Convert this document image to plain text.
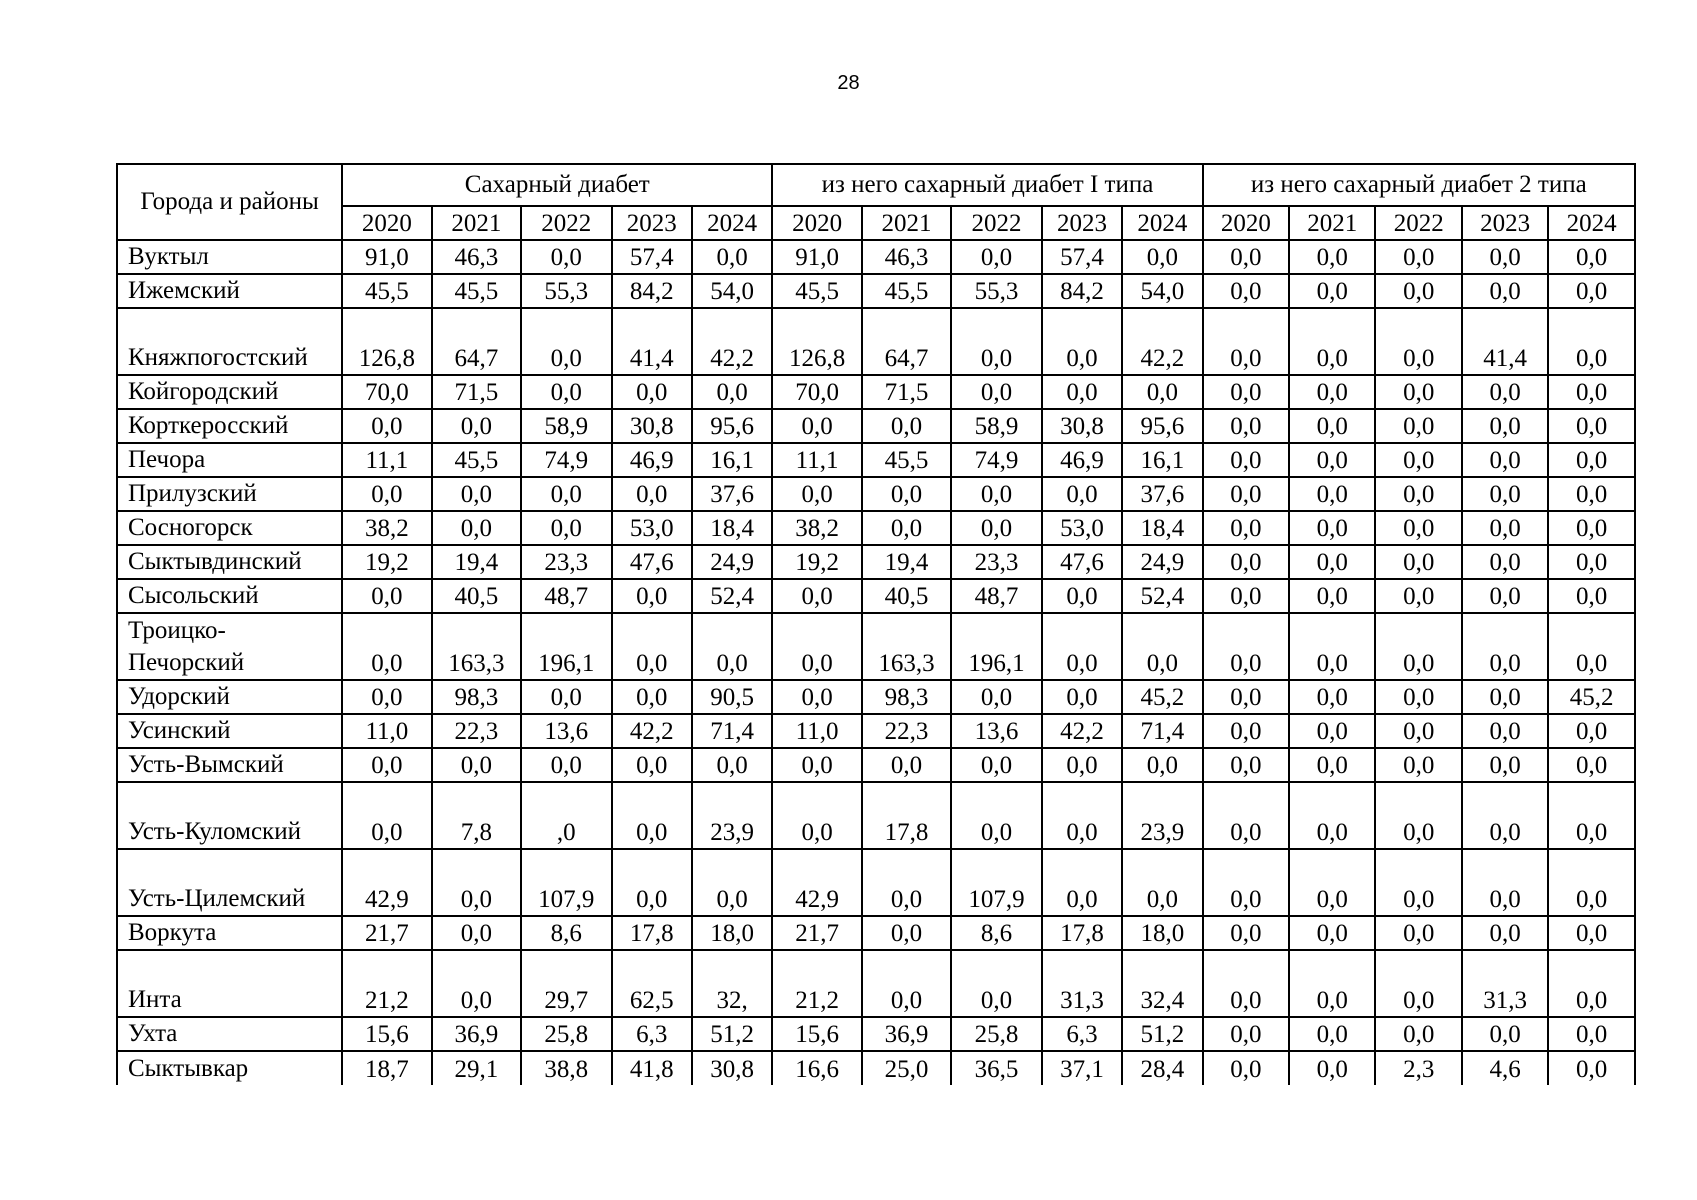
28
Города и районы	Сахарный диабет					из него сахарный диабет I типа					из него сахарный диабет 2 типа				
	2020	2021	2022	2023	2024	2020	2021	2022	2023	2024	2020	2021	2022	2023	2024
Вуктыл	91,0	46,3	0,0	57,4	0,0	91,0	46,3	0,0	57,4	0,0	0,0	0,0	0,0	0,0	0,0
Ижемский	45,5	45,5	55,3	84,2	54,0	45,5	45,5	55,3	84,2	54,0	0,0	0,0	0,0	0,0	0,0
Княжпогостский	126,8	64,7	0,0	41,4	42,2	126,8	64,7	0,0	0,0	42,2	0,0	0,0	0,0	41,4	0,0
Койгородский	70,0	71,5	0,0	0,0	0,0	70,0	71,5	0,0	0,0	0,0	0,0	0,0	0,0	0,0	0,0
Корткеросский	0,0	0,0	58,9	30,8	95,6	0,0	0,0	58,9	30,8	95,6	0,0	0,0	0,0	0,0	0,0
Печора	11,1	45,5	74,9	46,9	16,1	11,1	45,5	74,9	46,9	16,1	0,0	0,0	0,0	0,0	0,0
Прилузский	0,0	0,0	0,0	0,0	37,6	0,0	0,0	0,0	0,0	37,6	0,0	0,0	0,0	0,0	0,0
Сосногорск	38,2	0,0	0,0	53,0	18,4	38,2	0,0	0,0	53,0	18,4	0,0	0,0	0,0	0,0	0,0
Сыктывдинский	19,2	19,4	23,3	47,6	24,9	19,2	19,4	23,3	47,6	24,9	0,0	0,0	0,0	0,0	0,0
Сысольский	0,0	40,5	48,7	0,0	52,4	0,0	40,5	48,7	0,0	52,4	0,0	0,0	0,0	0,0	0,0
Троицко-Печорский	0,0	163,3	196,1	0,0	0,0	0,0	163,3	196,1	0,0	0,0	0,0	0,0	0,0	0,0	0,0
Удорский	0,0	98,3	0,0	0,0	90,5	0,0	98,3	0,0	0,0	45,2	0,0	0,0	0,0	0,0	45,2
Усинский	11,0	22,3	13,6	42,2	71,4	11,0	22,3	13,6	42,2	71,4	0,0	0,0	0,0	0,0	0,0
Усть-Вымский	0,0	0,0	0,0	0,0	0,0	0,0	0,0	0,0	0,0	0,0	0,0	0,0	0,0	0,0	0,0
Усть-Куломский	0,0	7,8	,0	0,0	23,9	0,0	17,8	0,0	0,0	23,9	0,0	0,0	0,0	0,0	0,0
Усть-Цилемский	42,9	0,0	107,9	0,0	0,0	42,9	0,0	107,9	0,0	0,0	0,0	0,0	0,0	0,0	0,0
Воркута	21,7	0,0	8,6	17,8	18,0	21,7	0,0	8,6	17,8	18,0	0,0	0,0	0,0	0,0	0,0
Инта	21,2	0,0	29,7	62,5	32,	21,2	0,0	0,0	31,3	32,4	0,0	0,0	0,0	31,3	0,0
Ухта	15,6	36,9	25,8	6,3	51,2	15,6	36,9	25,8	6,3	51,2	0,0	0,0	0,0	0,0	0,0
Сыктывкар	18,7	29,1	38,8	41,8	30,8	16,6	25,0	36,5	37,1	28,4	0,0	0,0	2,3	4,6	0,0
